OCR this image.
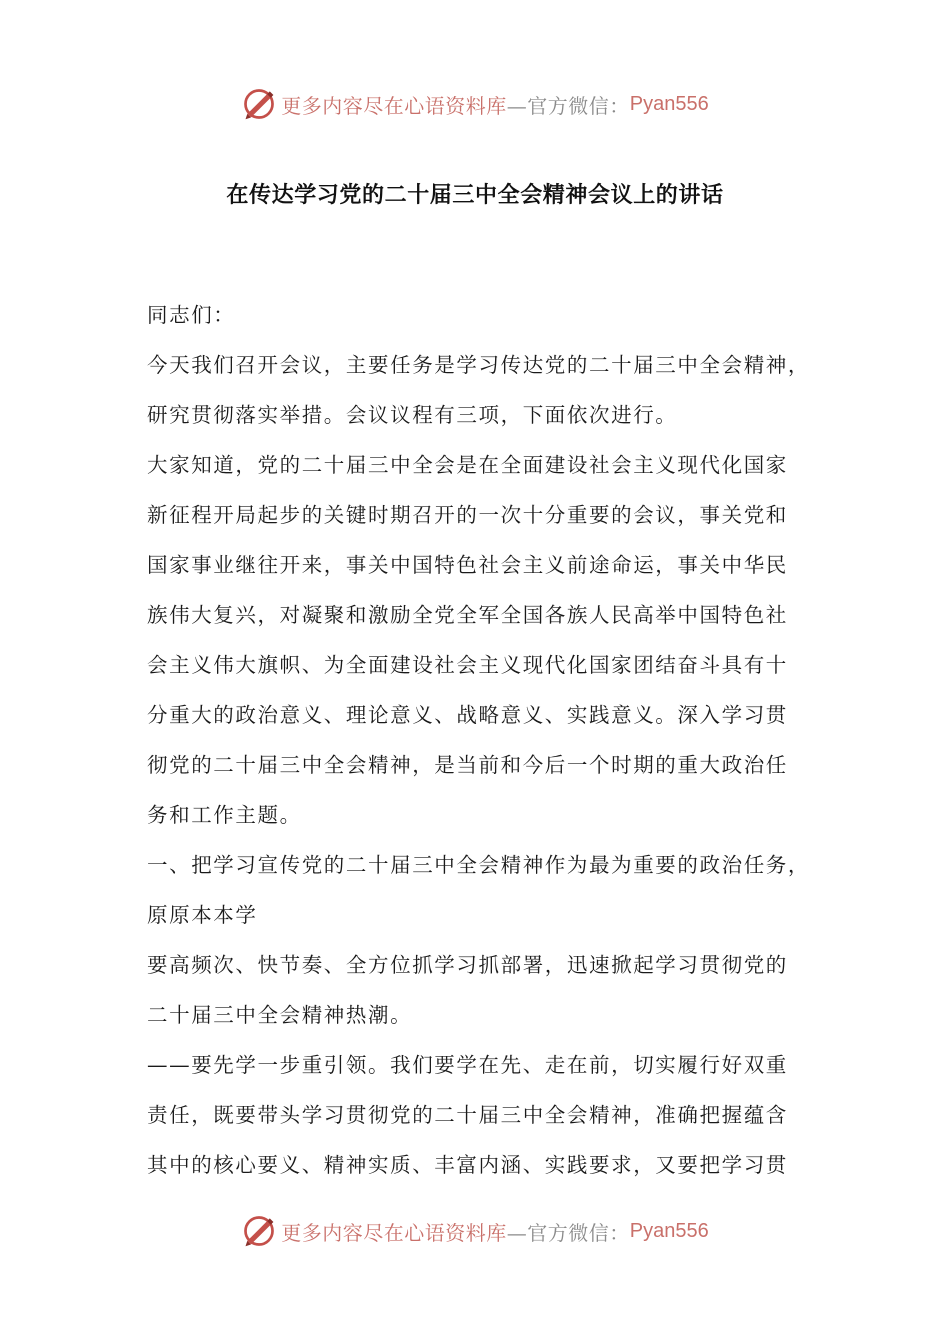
更多内容尽在心语资料库 —官方微信： Pyan556
在传达学习党的二十届三中全会精神会议上的讲话
同志们：
今天我们召开会议，主要任务是学习传达党的二十届三中全会精神，
研究贯彻落实举措。会议议程有三项，下面依次进行。
大家知道，党的二十届三中全会是在全面建设社会主义现代化国家
新征程开局起步的关键时期召开的一次十分重要的会议，事关党和
国家事业继往开来，事关中国特色社会主义前途命运，事关中华民
族伟大复兴，对凝聚和激励全党全军全国各族人民高举中国特色社
会主义伟大旗帜、为全面建设社会主义现代化国家团结奋斗具有十
分重大的政治意义、理论意义、战略意义、实践意义。深入学习贯
彻党的二十届三中全会精神，是当前和今后一个时期的重大政治任
务和工作主题。
一、把学习宣传党的二十届三中全会精神作为最为重要的政治任务，
原原本本学
要高频次、快节奏、全方位抓学习抓部署，迅速掀起学习贯彻党的
二十届三中全会精神热潮。
——要先学一步重引领。我们要学在先、走在前，切实履行好双重
责任，既要带头学习贯彻党的二十届三中全会精神，准确把握蕴含
其中的核心要义、精神实质、丰富内涵、实践要求，又要把学习贯
更多内容尽在心语资料库 —官方微信： Pyan556
